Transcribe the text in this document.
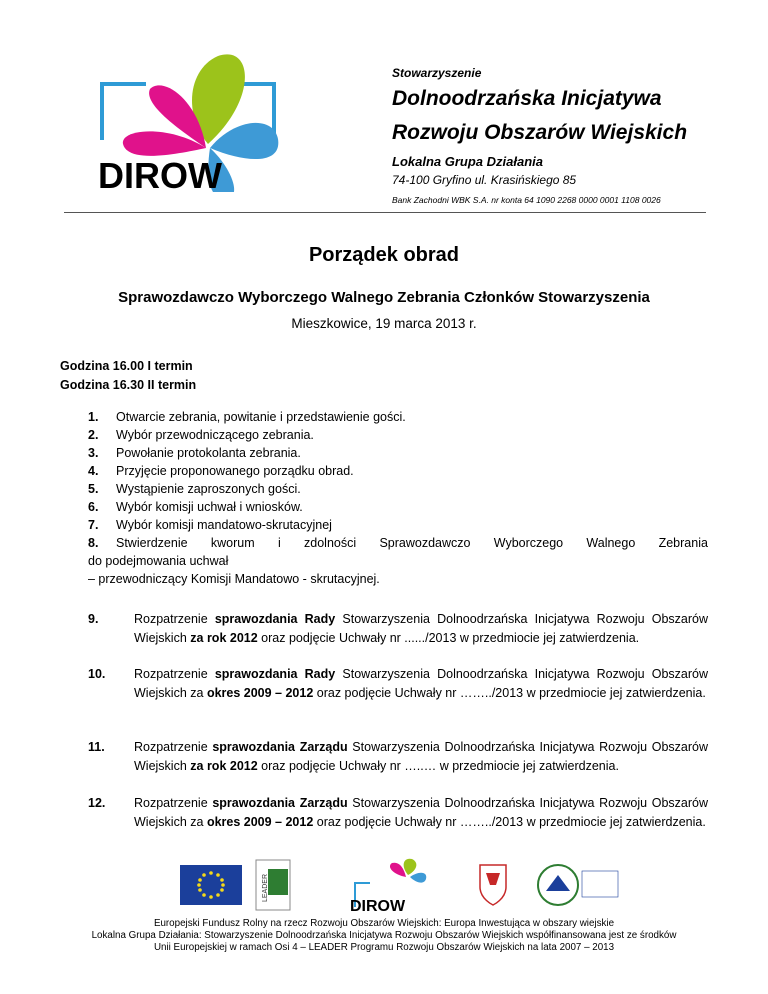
DIROW
Stowarzyszenie
Dolnoodrzańska Inicjatywa
Rozwoju Obszarów Wiejskich
Lokalna Grupa Działania
74-100 Gryfino ul. Krasińskiego 85
Bank Zachodni WBK S.A. nr konta 64 1090 2268 0000 0001 1108 0026
Porządek obrad
Sprawozdawczo Wyborczego Walnego Zebrania Członków Stowarzyszenia
Mieszkowice, 19 marca 2013 r.
Godzina 16.00 I termin
Godzina 16.30 II termin
1.	Otwarcie zebrania, powitanie i przedstawienie gości.
2.	Wybór przewodniczącego zebrania.
3.	Powołanie protokolanta zebrania.
4.	Przyjęcie proponowanego porządku obrad.
5.	Wystąpienie zaproszonych gości.
6.	Wybór komisji uchwał i wniosków.
7.	Wybór komisji mandatowo-skrutacyjnej
8.	Stwierdzenie kworum i zdolności Sprawozdawczo Wyborczego Walnego Zebrania
do podejmowania uchwał
– przewodniczący Komisji Mandatowo - skrutacyjnej.
9.	Rozpatrzenie sprawozdania Rady Stowarzyszenia Dolnoodrzańska Inicjatywa Rozwoju Obszarów Wiejskich za rok 2012 oraz podjęcie Uchwały nr ....../2013 w przedmiocie jej zatwierdzenia.
10.	Rozpatrzenie sprawozdania Rady Stowarzyszenia Dolnoodrzańska Inicjatywa Rozwoju Obszarów Wiejskich za okres 2009 – 2012 oraz podjęcie Uchwały nr ……../2013 w przedmiocie jej zatwierdzenia.
11.	Rozpatrzenie sprawozdania Zarządu Stowarzyszenia Dolnoodrzańska Inicjatywa Rozwoju Obszarów Wiejskich za rok 2012 oraz podjęcie Uchwały nr …..… w przedmiocie jej zatwierdzenia.
12.	Rozpatrzenie sprawozdania Zarządu Stowarzyszenia Dolnoodrzańska Inicjatywa Rozwoju Obszarów Wiejskich za okres 2009 – 2012 oraz podjęcie Uchwały nr ……../2013 w przedmiocie jej zatwierdzenia.
LEADER
DIROW
Europejski Fundusz Rolny na rzecz Rozwoju Obszarów Wiejskich: Europa Inwestująca w obszary wiejskie
Lokalna Grupa Działania: Stowarzyszenie Dolnoodrzańska Inicjatywa Rozwoju Obszarów Wiejskich współfinansowana jest ze środków
Unii Europejskiej w ramach Osi 4 – LEADER Programu Rozwoju Obszarów Wiejskich na lata 2007 – 2013
